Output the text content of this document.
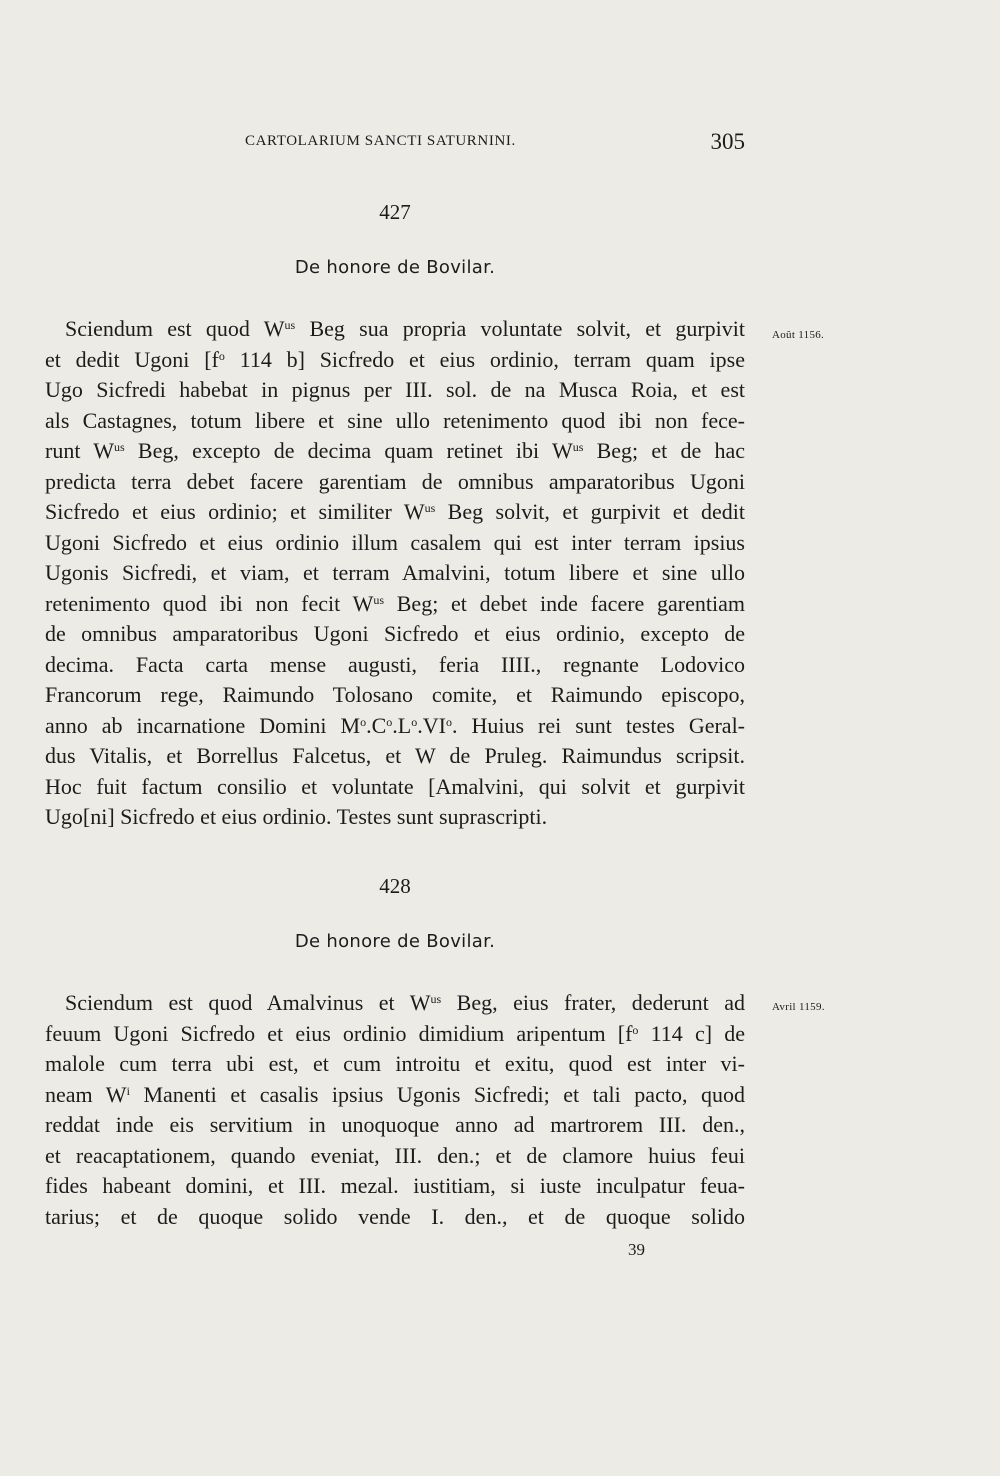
CARTOLARIUM SANCTI SATURNINI.	305
427
De honore de Bovilar.
Août 1156.
Sciendum est quod $W^{us}$ Beg sua propria voluntate solvit, et gurpivit
et dedit Ugoni [$f^o$ 114 b] Sicfredo et eius ordinio, terram quam ipse
Ugo Sicfredi habebat in pignus per III. sol. de na Musca Roia, et est
als Castagnes, totum libere et sine ullo retenimento quod ibi non fece-
runt $W^{us}$ Beg, excepto de decima quam retinet ibi $W^{us}$ Beg; et de hac
predicta terra debet facere garentiam de omnibus amparatoribus Ugoni
Sicfredo et eius ordinio; et similiter $W^{us}$ Beg solvit, et gurpivit et dedit
Ugoni Sicfredo et eius ordinio illum casalem qui est inter terram ipsius
Ugonis Sicfredi, et viam, et terram Amalvini, totum libere et sine ullo
retenimento quod ibi non fecit $W^{us}$ Beg; et debet inde facere garentiam
de omnibus amparatoribus Ugoni Sicfredo et eius ordinio, excepto de
decima. Facta carta mense augusti, feria IIII., regnante Lodovico
Francorum rege, Raimundo Tolosano comite, et Raimundo episcopo,
anno ab incarnatione Domini $M^o.C^o.L^o.VI^o$. Huius rei sunt testes Geral-
dus Vitalis, et Borrellus Falcetus, et W de Pruleg. Raimundus scripsit.
Hoc fuit factum consilio et voluntate [Amalvini, qui solvit et gurpivit
Ugo[ni] Sicfredo et eius ordinio. Testes sunt suprascripti.
428
De honore de Bovilar.
Avril 1159.
Sciendum est quod Amalvinus et $W^{us}$ Beg, eius frater, dederunt ad
feuum Ugoni Sicfredo et eius ordinio dimidium aripentum [$f^o$ 114 c] de
malole cum terra ubi est, et cum introitu et exitu, quod est inter vi-
neam $W^i$ Manenti et casalis ipsius Ugonis Sicfredi; et tali pacto, quod
reddat inde eis servitium in unoquoque anno ad martrorem III. den.,
et reacaptationem, quando eveniat, III. den.; et de clamore huius feui
fides habeant domini, et III. mezal. iustitiam, si iuste inculpatur feua-
tarius; et de quoque solido vende I. den., et de quoque solido
39
